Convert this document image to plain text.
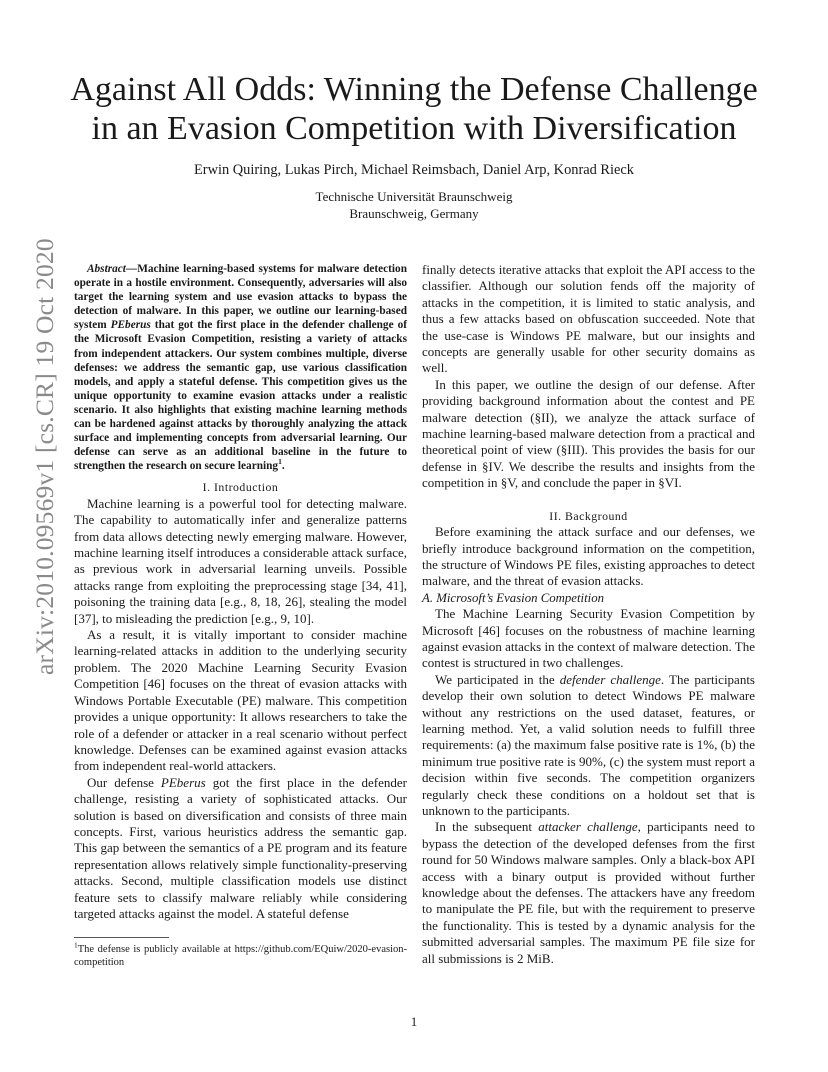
arXiv:2010.09569v1 [cs.CR] 19 Oct 2020
Against All Odds: Winning the Defense Challenge in an Evasion Competition with Diversification
Erwin Quiring, Lukas Pirch, Michael Reimsbach, Daniel Arp, Konrad Rieck
Technische Universität Braunschweig
Braunschweig, Germany

Abstract—Machine learning-based systems for malware detection operate in a hostile environment. Consequently, adversaries will also target the learning system and use evasion attacks to bypass the detection of malware. In this paper, we outline our learning-based system PEberus that got the first place in the defender challenge of the Microsoft Evasion Competition, resisting a variety of attacks from independent attackers. Our system combines multiple, diverse defenses: we address the semantic gap, use various classification models, and apply a stateful defense. This competition gives us the unique opportunity to examine evasion attacks under a realistic scenario. It also highlights that existing machine learning methods can be hardened against attacks by thoroughly analyzing the attack surface and implementing concepts from adversarial learning. Our defense can serve as an additional baseline in the future to strengthen the research on secure learning$^1$.

I. Introduction

Machine learning is a powerful tool for detecting malware. The capability to automatically infer and generalize patterns from data allows detecting newly emerging malware. However, machine learning itself introduces a considerable attack surface, as previous work in adversarial learning unveils. Possible attacks range from exploiting the preprocessing stage [34, 41], poisoning the training data [e.g., 8, 18, 26], stealing the model [37], to misleading the prediction [e.g., 9, 10].

As a result, it is vitally important to consider machine learning-related attacks in addition to the underlying security problem. The 2020 Machine Learning Security Evasion Competition [46] focuses on the threat of evasion attacks with Windows Portable Executable (PE) malware. This competition provides a unique opportunity: It allows researchers to take the role of a defender or attacker in a real scenario without perfect knowledge. Defenses can be examined against evasion attacks from independent real-world attackers.

Our defense PEberus got the first place in the defender challenge, resisting a variety of sophisticated attacks. Our solution is based on diversification and consists of three main concepts. First, various heuristics address the semantic gap. This gap between the semantics of a PE program and its feature representation allows relatively simple functionality-preserving attacks. Second, multiple classification models use distinct feature sets to classify malware reliably while considering targeted attacks against the model. A stateful defense

$^1$The defense is publicly available at https://github.com/EQuiw/2020-evasion-competition

finally detects iterative attacks that exploit the API access to the classifier. Although our solution fends off the majority of attacks in the competition, it is limited to static analysis, and thus a few attacks based on obfuscation succeeded. Note that the use-case is Windows PE malware, but our insights and concepts are generally usable for other security domains as well.

In this paper, we outline the design of our defense. After providing background information about the contest and PE malware detection (§II), we analyze the attack surface of machine learning-based malware detection from a practical and theoretical point of view (§III). This provides the basis for our defense in §IV. We describe the results and insights from the competition in §V, and conclude the paper in §VI.

II. Background

Before examining the attack surface and our defenses, we briefly introduce background information on the competition, the structure of Windows PE files, existing approaches to detect malware, and the threat of evasion attacks.

A. Microsoft’s Evasion Competition

The Machine Learning Security Evasion Competition by Microsoft [46] focuses on the robustness of machine learning against evasion attacks in the context of malware detection. The contest is structured in two challenges.

We participated in the defender challenge. The participants develop their own solution to detect Windows PE malware without any restrictions on the used dataset, features, or learning method. Yet, a valid solution needs to fulfill three requirements: (a) the maximum false positive rate is 1%, (b) the minimum true positive rate is 90%, (c) the system must report a decision within five seconds. The competition organizers regularly check these conditions on a holdout set that is unknown to the participants.

In the subsequent attacker challenge, participants need to bypass the detection of the developed defenses from the first round for 50 Windows malware samples. Only a black-box API access with a binary output is provided without further knowledge about the defenses. The attackers have any freedom to manipulate the PE file, but with the requirement to preserve the functionality. This is tested by a dynamic analysis for the submitted adversarial samples. The maximum PE file size for all submissions is 2 MiB.

1
